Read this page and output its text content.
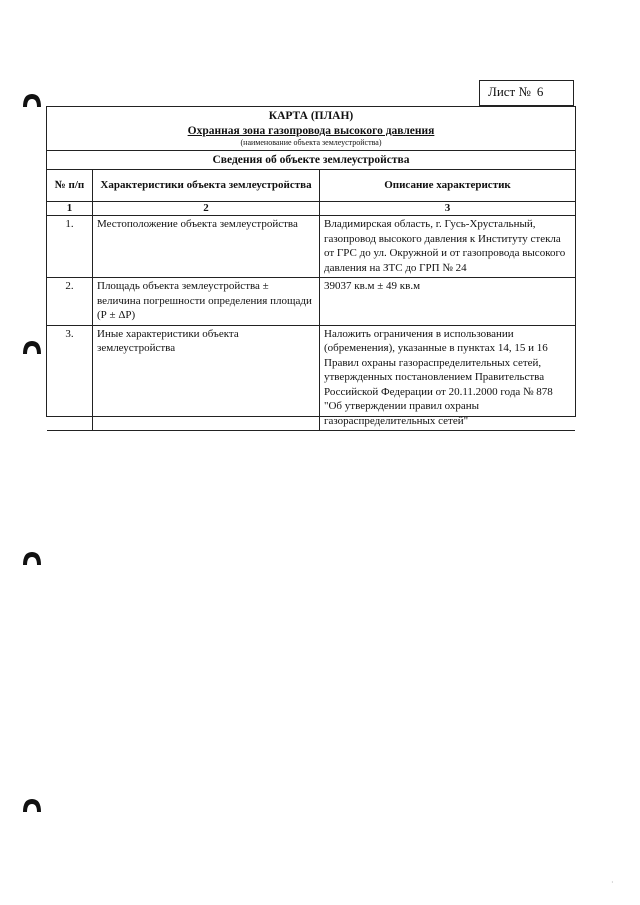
Лист № 6
КАРТА (ПЛАН)
Охранная зона газопровода высокого давления
(наименование объекта землеустройства)
Сведения об объекте землеустройства
№ п/п	Характеристики объекта землеустройства	Описание характеристик
1	2	3
1.	Местоположение объекта землеустройства	Владимирская область, г. Гусь-Хрустальный, газопровод высокого давления к Институту стекла от ГРС до ул. Окружной и от газопровода высокого давления на ЗТС до ГРП № 24
2.	Площадь объекта землеустройства ± величина погрешности определения площади (Р ± ΔР)	39037 кв.м ± 49 кв.м
3.	Иные характеристики объекта землеустройства	Наложить ограничения в использовании (обременения), указанные в пунктах 14, 15 и 16 Правил охраны газораспределительных сетей, утвержденных постановлением Правительства Российской Федерации от 20.11.2000 года № 878 "Об утверждении правил охраны газораспределительных сетей"
·
